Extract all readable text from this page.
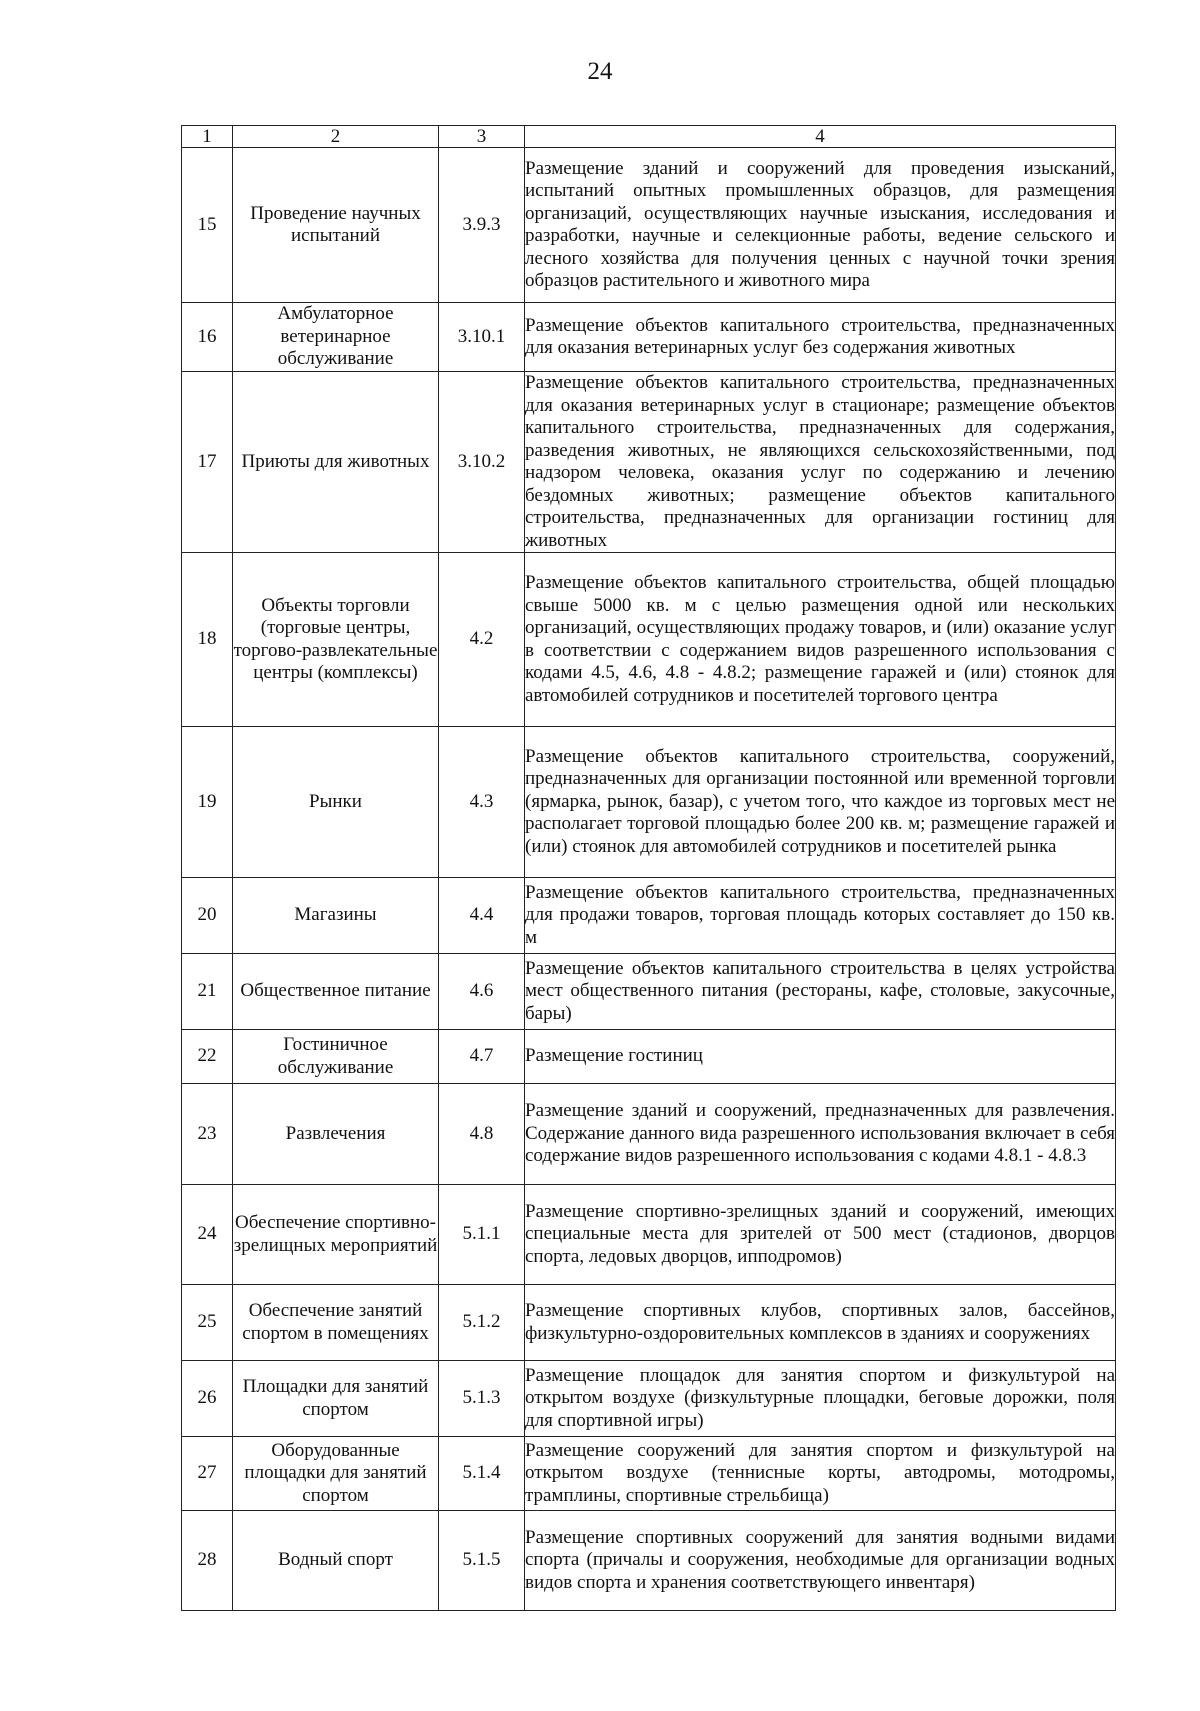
24
1	2	3	4
15	Проведение научных испытаний	3.9.3	Размещение зданий и сооружений для проведения изысканий, испытаний опытных промышленных образцов, для размещения организаций, осуществляющих научные изыскания, исследования и разработки, научные и селекционные работы, ведение сельского и лесного хозяйства для получения ценных с научной точки зрения образцов растительного и животного мира
16	Амбулаторное ветеринарное обслуживание	3.10.1	Размещение объектов капитального строительства, предназначенных для оказания ветеринарных услуг без содержания животных
17	Приюты для животных	3.10.2	Размещение объектов капитального строительства, предназначенных для оказания ветеринарных услуг в стационаре; размещение объектов капитального строительства, предназначенных для содержания, разведения животных, не являющихся сельскохозяйственными, под надзором человека, оказания услуг по содержанию и лечению бездомных животных; размещение объектов капитального строительства, предназначенных для организации гостиниц для животных
18	Объекты торговли (торговые центры, торгово-развлекательные центры (комплексы)	4.2	Размещение объектов капитального строительства, общей площадью свыше 5000 кв. м с целью размещения одной или нескольких организаций, осуществляющих продажу товаров, и (или) оказание услуг в соответствии с содержанием видов разрешенного использования с кодами 4.5, 4.6, 4.8 - 4.8.2; размещение гаражей и (или) стоянок для автомобилей сотрудников и посетителей торгового центра
19	Рынки	4.3	Размещение объектов капитального строительства, сооружений, предназначенных для организации постоянной или временной торговли (ярмарка, рынок, базар), с учетом того, что каждое из торговых мест не располагает торговой площадью более 200 кв. м; размещение гаражей и (или) стоянок для автомобилей сотрудников и посетителей рынка
20	Магазины	4.4	Размещение объектов капитального строительства, предназначенных для продажи товаров, торговая площадь которых составляет до 150 кв. м
21	Общественное питание	4.6	Размещение объектов капитального строительства в целях устройства мест общественного питания (рестораны, кафе, столовые, закусочные, бары)
22	Гостиничное обслуживание	4.7	Размещение гостиниц
23	Развлечения	4.8	Размещение зданий и сооружений, предназначенных для развлечения. Содержание данного вида разрешенного использования включает в себя содержание видов разрешенного использования с кодами 4.8.1 - 4.8.3
24	Обеспечение спортивно-зрелищных мероприятий	5.1.1	Размещение спортивно-зрелищных зданий и сооружений, имеющих специальные места для зрителей от 500 мест (стадионов, дворцов спорта, ледовых дворцов, ипподромов)
25	Обеспечение занятий спортом в помещениях	5.1.2	Размещение спортивных клубов, спортивных залов, бассейнов, физкультурно-оздоровительных комплексов в зданиях и сооружениях
26	Площадки для занятий спортом	5.1.3	Размещение площадок для занятия спортом и физкультурой на открытом воздухе (физкультурные площадки, беговые дорожки, поля для спортивной игры)
27	Оборудованные площадки для занятий спортом	5.1.4	Размещение сооружений для занятия спортом и физкультурой на открытом воздухе (теннисные корты, автодромы, мотодромы, трамплины, спортивные стрельбища)
28	Водный спорт	5.1.5	Размещение спортивных сооружений для занятия водными видами спорта (причалы и сооружения, необходимые для организации водных видов спорта и хранения соответствующего инвентаря)
